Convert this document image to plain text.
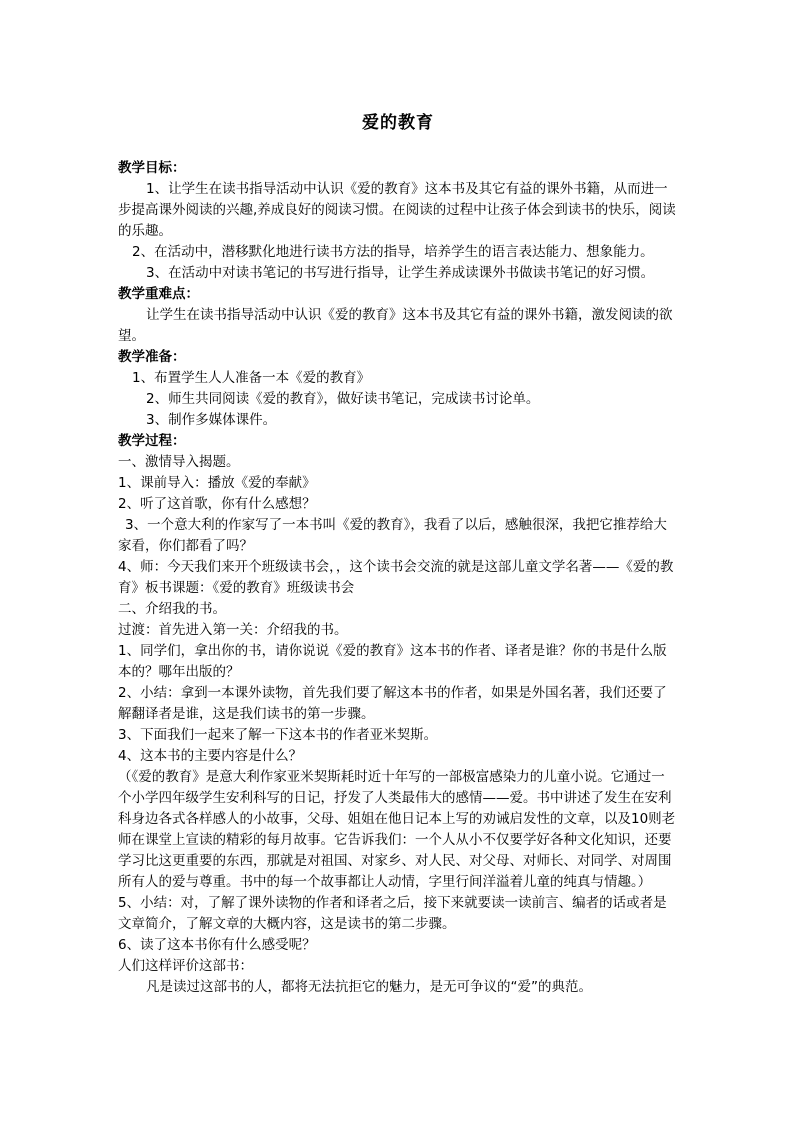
爱的教育

教学目标：

1、让学生在读书指导活动中认识《爱的教育》这本书及其它有益的课外书籍，从而进一步提高课外阅读的兴趣,养成良好的阅读习惯。在阅读的过程中让孩子体会到读书的快乐，阅读的乐趣。

2、在活动中，潜移默化地进行读书方法的指导，培养学生的语言表达能力、想象能力。

3、在活动中对读书笔记的书写进行指导，让学生养成读课外书做读书笔记的好习惯。

教学重难点：

让学生在读书指导活动中认识《爱的教育》这本书及其它有益的课外书籍，激发阅读的欲望。

教学准备：

1、布置学生人人准备一本《爱的教育》

2、师生共同阅读《爱的教育》，做好读书笔记，完成读书讨论单。

3、制作多媒体课件。

教学过程：

一、激情导入揭题。

1、课前导入：播放《爱的奉献》

2、听了这首歌，你有什么感想？

3、一个意大利的作家写了一本书叫《爱的教育》，我看了以后，感触很深，我把它推荐给大家看，你们都看了吗？

4、师：今天我们来开个班级读书会，，这个读书会交流的就是这部儿童文学名著——《爱的教育》板书课题：《爱的教育》班级读书会

二、介绍我的书。

过渡：首先进入第一关：介绍我的书。

1、同学们，拿出你的书，请你说说《爱的教育》这本书的作者、译者是谁？你的书是什么版本的？哪年出版的？

2、小结：拿到一本课外读物，首先我们要了解这本书的作者，如果是外国名著，我们还要了解翻译者是谁，这是我们读书的第一步骤。

3、下面我们一起来了解一下这本书的作者亚米契斯。

4、这本书的主要内容是什么？

（《爱的教育》是意大利作家亚米契斯耗时近十年写的一部极富感染力的儿童小说。它通过一个小学四年级学生安利科写的日记，抒发了人类最伟大的感情——爱。书中讲述了发生在安利科身边各式各样感人的小故事，父母、姐姐在他日记本上写的劝诫启发性的文章，以及10则老师在课堂上宣读的精彩的每月故事。它告诉我们：一个人从小不仅要学好各种文化知识，还要学习比这更重要的东西，那就是对祖国、对家乡、对人民、对父母、对师长、对同学、对周围所有人的爱与尊重。书中的每一个故事都让人动情，字里行间洋溢着儿童的纯真与情趣。）

5、小结：对，了解了课外读物的作者和译者之后，接下来就要读一读前言、编者的话或者是文章简介，了解文章的大概内容，这是读书的第二步骤。

6、读了这本书你有什么感受呢？

人们这样评价这部书：

凡是读过这部书的人，都将无法抗拒它的魅力，是无可争议的“爱”的典范。
